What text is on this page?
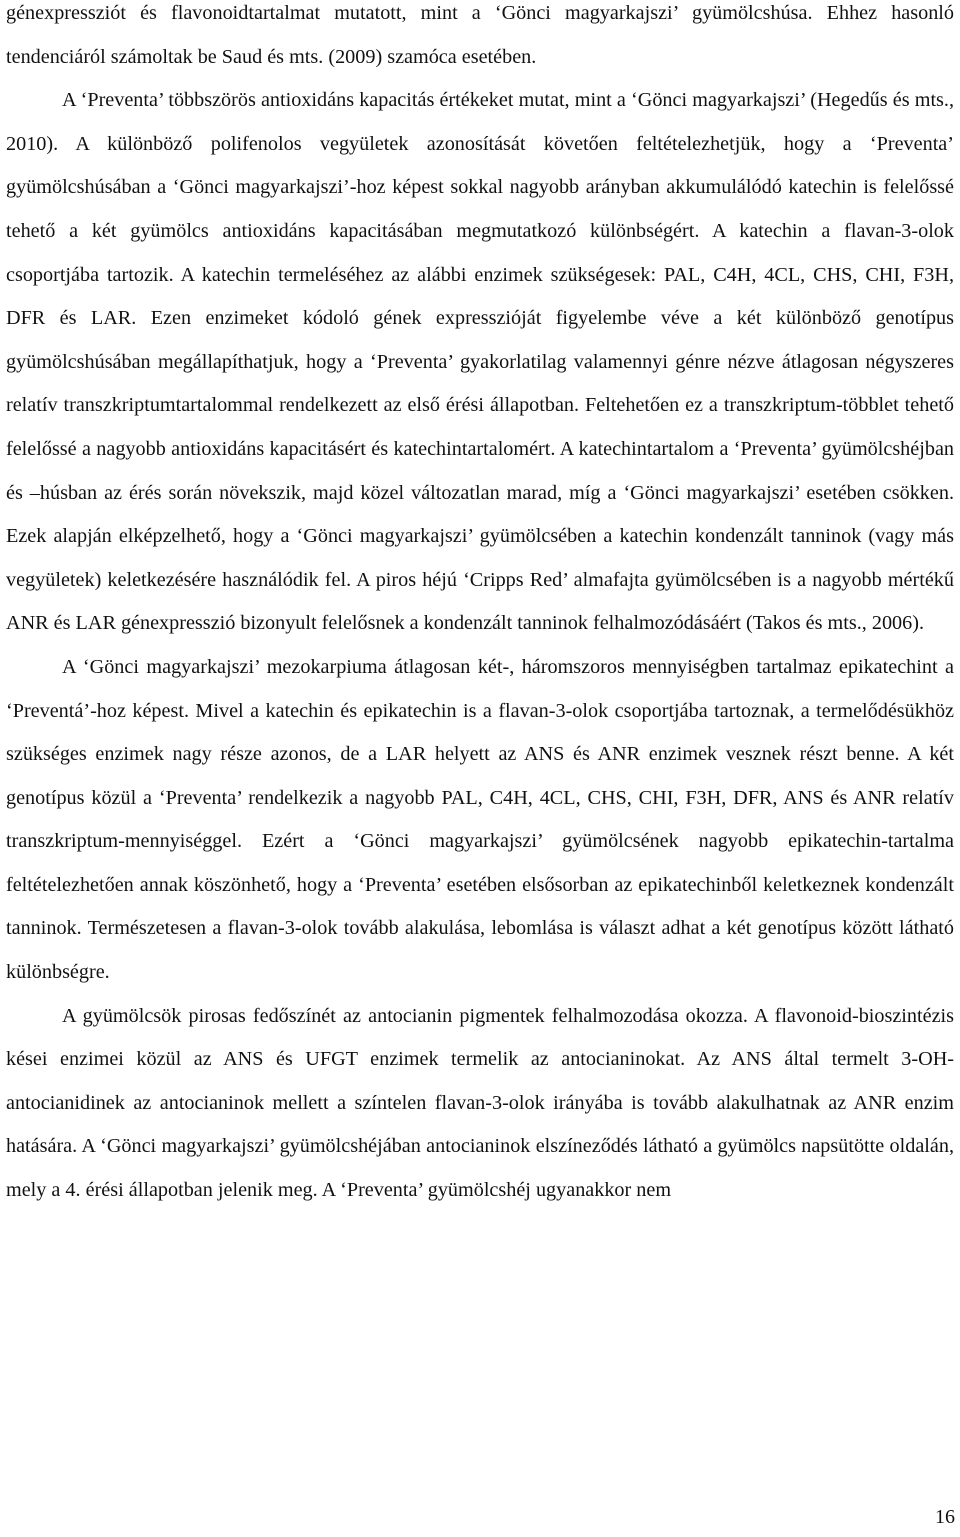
génexpressziót és flavonoidtartalmat mutatott, mint a ‘Gönci magyarkajszi’ gyümölcshúsa. Ehhez hasonló tendenciáról számoltak be Saud és mts. (2009) szamóca esetében.

A ‘Preventa’ többszörös antioxidáns kapacitás értékeket mutat, mint a ‘Gönci magyarkajszi’ (Hegedűs és mts., 2010). A különböző polifenolos vegyületek azonosítását követően feltételezhetjük, hogy a ‘Preventa’ gyümölcshúsában a ‘Gönci magyarkajszi’-hoz képest sokkal nagyobb arányban akkumulálódó katechin is felelőssé tehető a két gyümölcs antioxidáns kapacitásában megmutatkozó különbségért. A katechin a flavan-3-olok csoportjába tartozik. A katechin termeléséhez az alábbi enzimek szükségesek: PAL, C4H, 4CL, CHS, CHI, F3H, DFR és LAR. Ezen enzimeket kódoló gének expresszióját figyelembe véve a két különböző genotípus gyümölcshúsában megállapíthatjuk, hogy a ‘Preventa’ gyakorlatilag valamennyi génre nézve átlagosan négyszeres relatív transzkriptumtartalommal rendelkezett az első érési állapotban. Feltehetően ez a transzkriptum-többlet tehető felelőssé a nagyobb antioxidáns kapacitásért és katechintartalomért. A katechintartalom a ‘Preventa’ gyümölcshéjban és –húsban az érés során növekszik, majd közel változatlan marad, míg a ‘Gönci magyarkajszi’ esetében csökken. Ezek alapján elképzelhető, hogy a ‘Gönci magyarkajszi’ gyümölcsében a katechin kondenzált tanninok (vagy más vegyületek) keletkezésére használódik fel. A piros héjú ‘Cripps Red’ almafajta gyümölcsében is a nagyobb mértékű ANR és LAR génexpresszió bizonyult felelősnek a kondenzált tanninok felhalmozódásáért (Takos és mts., 2006).

A ‘Gönci magyarkajszi’ mezokarpiuma átlagosan két-, háromszoros mennyiségben tartalmaz epikatechint a ‘Preventá’-hoz képest. Mivel a katechin és epikatechin is a flavan-3-olok csoportjába tartoznak, a termelődésükhöz szükséges enzimek nagy része azonos, de a LAR helyett az ANS és ANR enzimek vesznek részt benne. A két genotípus közül a ‘Preventa’ rendelkezik a nagyobb PAL, C4H, 4CL, CHS, CHI, F3H, DFR, ANS és ANR relatív transzkriptum-mennyiséggel. Ezért a ‘Gönci magyarkajszi’ gyümölcsének nagyobb epikatechin-tartalma feltételezhetően annak köszönhető, hogy a ‘Preventa’ esetében elsősorban az epikatechinből keletkeznek kondenzált tanninok. Természetesen a flavan-3-olok tovább alakulása, lebomlása is választ adhat a két genotípus között látható különbségre.

A gyümölcsök pirosas fedőszínét az antocianin pigmentek felhalmozodása okozza. A flavonoid-bioszintézis kései enzimei közül az ANS és UFGT enzimek termelik az antocianinokat. Az ANS által termelt 3-OH-antocianidinek az antocianinok mellett a színtelen flavan-3-olok irányába is tovább alakulhatnak az ANR enzim hatására. A ‘Gönci magyarkajszi’ gyümölcshéjában antocianinok elszíneződés látható a gyümölcs napsütötte oldalán, mely a 4. érési állapotban jelenik meg. A ‘Preventa’ gyümölcshéj ugyanakkor nem

16
